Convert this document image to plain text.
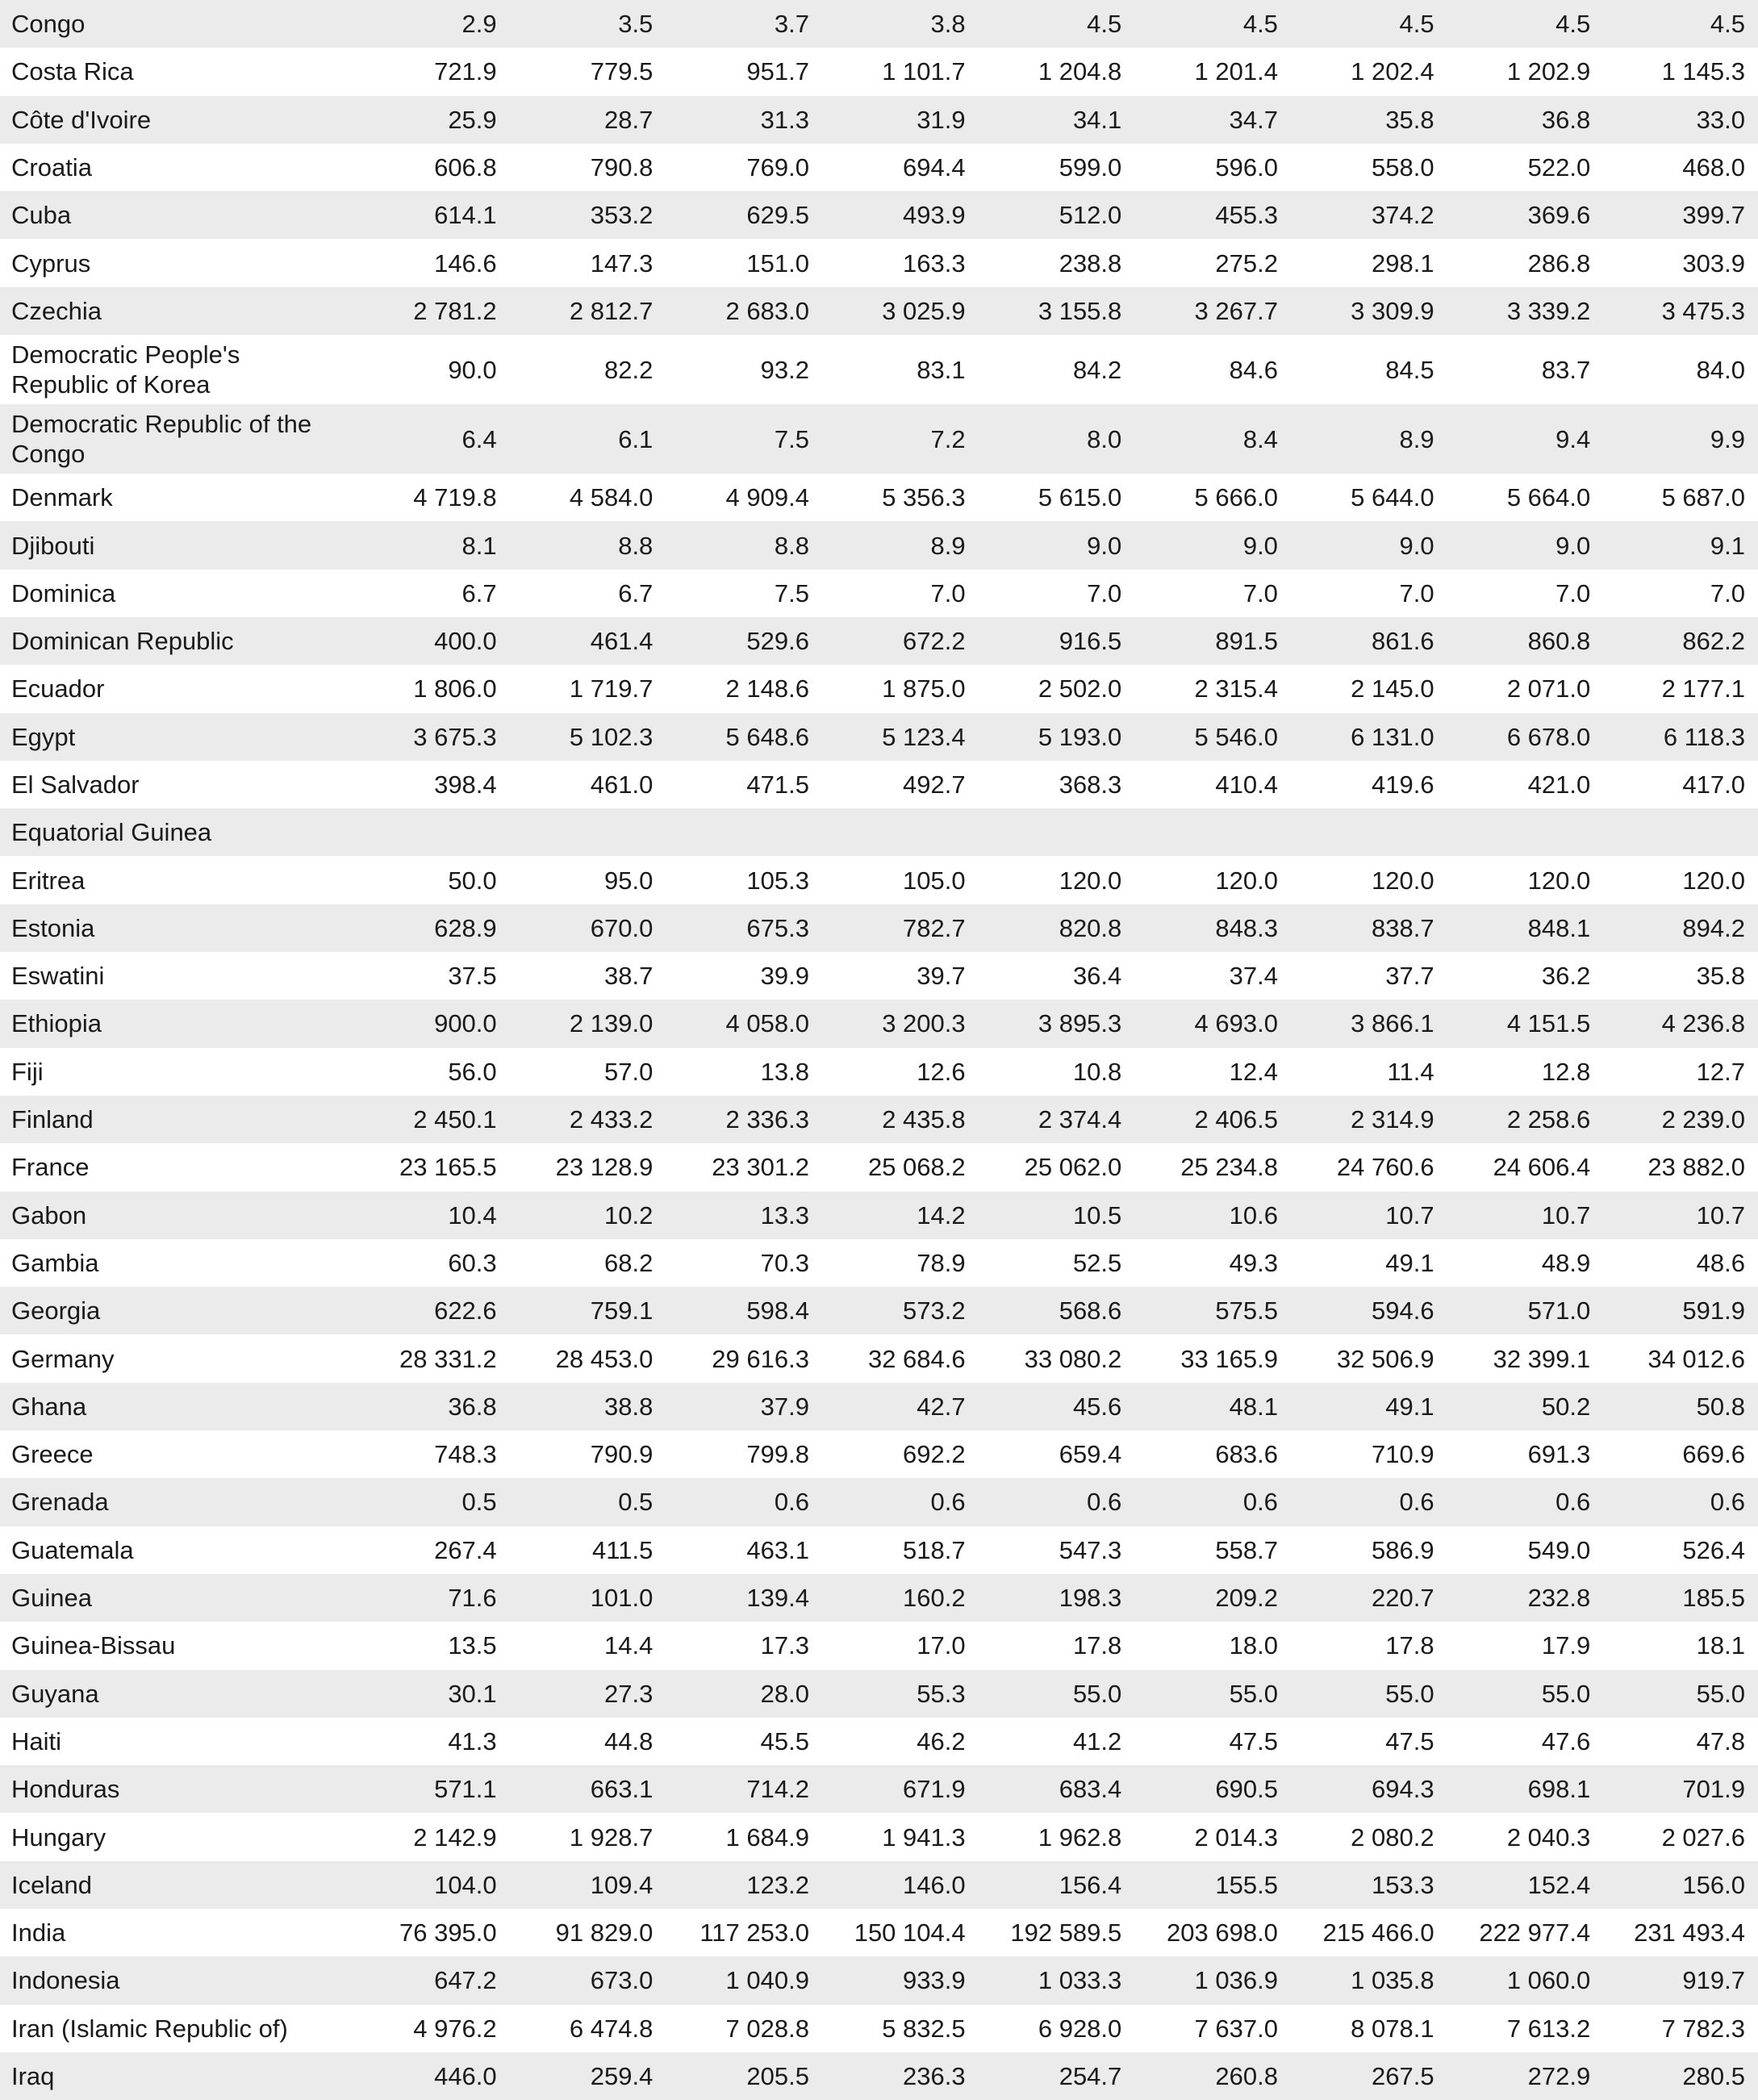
Congo	2.9	3.5	3.7	3.8	4.5	4.5	4.5	4.5	4.5
Costa Rica	721.9	779.5	951.7	1 101.7	1 204.8	1 201.4	1 202.4	1 202.9	1 145.3
Côte d'Ivoire	25.9	28.7	31.3	31.9	34.1	34.7	35.8	36.8	33.0
Croatia	606.8	790.8	769.0	694.4	599.0	596.0	558.0	522.0	468.0
Cuba	614.1	353.2	629.5	493.9	512.0	455.3	374.2	369.6	399.7
Cyprus	146.6	147.3	151.0	163.3	238.8	275.2	298.1	286.8	303.9
Czechia	2 781.2	2 812.7	2 683.0	3 025.9	3 155.8	3 267.7	3 309.9	3 339.2	3 475.3
Democratic People's Republic of Korea	90.0	82.2	93.2	83.1	84.2	84.6	84.5	83.7	84.0
Democratic Republic of the Congo	6.4	6.1	7.5	7.2	8.0	8.4	8.9	9.4	9.9
Denmark	4 719.8	4 584.0	4 909.4	5 356.3	5 615.0	5 666.0	5 644.0	5 664.0	5 687.0
Djibouti	8.1	8.8	8.8	8.9	9.0	9.0	9.0	9.0	9.1
Dominica	6.7	6.7	7.5	7.0	7.0	7.0	7.0	7.0	7.0
Dominican Republic	400.0	461.4	529.6	672.2	916.5	891.5	861.6	860.8	862.2
Ecuador	1 806.0	1 719.7	2 148.6	1 875.0	2 502.0	2 315.4	2 145.0	2 071.0	2 177.1
Egypt	3 675.3	5 102.3	5 648.6	5 123.4	5 193.0	5 546.0	6 131.0	6 678.0	6 118.3
El Salvador	398.4	461.0	471.5	492.7	368.3	410.4	419.6	421.0	417.0
Equatorial Guinea									
Eritrea	50.0	95.0	105.3	105.0	120.0	120.0	120.0	120.0	120.0
Estonia	628.9	670.0	675.3	782.7	820.8	848.3	838.7	848.1	894.2
Eswatini	37.5	38.7	39.9	39.7	36.4	37.4	37.7	36.2	35.8
Ethiopia	900.0	2 139.0	4 058.0	3 200.3	3 895.3	4 693.0	3 866.1	4 151.5	4 236.8
Fiji	56.0	57.0	13.8	12.6	10.8	12.4	11.4	12.8	12.7
Finland	2 450.1	2 433.2	2 336.3	2 435.8	2 374.4	2 406.5	2 314.9	2 258.6	2 239.0
France	23 165.5	23 128.9	23 301.2	25 068.2	25 062.0	25 234.8	24 760.6	24 606.4	23 882.0
Gabon	10.4	10.2	13.3	14.2	10.5	10.6	10.7	10.7	10.7
Gambia	60.3	68.2	70.3	78.9	52.5	49.3	49.1	48.9	48.6
Georgia	622.6	759.1	598.4	573.2	568.6	575.5	594.6	571.0	591.9
Germany	28 331.2	28 453.0	29 616.3	32 684.6	33 080.2	33 165.9	32 506.9	32 399.1	34 012.6
Ghana	36.8	38.8	37.9	42.7	45.6	48.1	49.1	50.2	50.8
Greece	748.3	790.9	799.8	692.2	659.4	683.6	710.9	691.3	669.6
Grenada	0.5	0.5	0.6	0.6	0.6	0.6	0.6	0.6	0.6
Guatemala	267.4	411.5	463.1	518.7	547.3	558.7	586.9	549.0	526.4
Guinea	71.6	101.0	139.4	160.2	198.3	209.2	220.7	232.8	185.5
Guinea-Bissau	13.5	14.4	17.3	17.0	17.8	18.0	17.8	17.9	18.1
Guyana	30.1	27.3	28.0	55.3	55.0	55.0	55.0	55.0	55.0
Haiti	41.3	44.8	45.5	46.2	41.2	47.5	47.5	47.6	47.8
Honduras	571.1	663.1	714.2	671.9	683.4	690.5	694.3	698.1	701.9
Hungary	2 142.9	1 928.7	1 684.9	1 941.3	1 962.8	2 014.3	2 080.2	2 040.3	2 027.6
Iceland	104.0	109.4	123.2	146.0	156.4	155.5	153.3	152.4	156.0
India	76 395.0	91 829.0	117 253.0	150 104.4	192 589.5	203 698.0	215 466.0	222 977.4	231 493.4
Indonesia	647.2	673.0	1 040.9	933.9	1 033.3	1 036.9	1 035.8	1 060.0	919.7
Iran (Islamic Republic of)	4 976.2	6 474.8	7 028.8	5 832.5	6 928.0	7 637.0	8 078.1	7 613.2	7 782.3
Iraq	446.0	259.4	205.5	236.3	254.7	260.8	267.5	272.9	280.5
